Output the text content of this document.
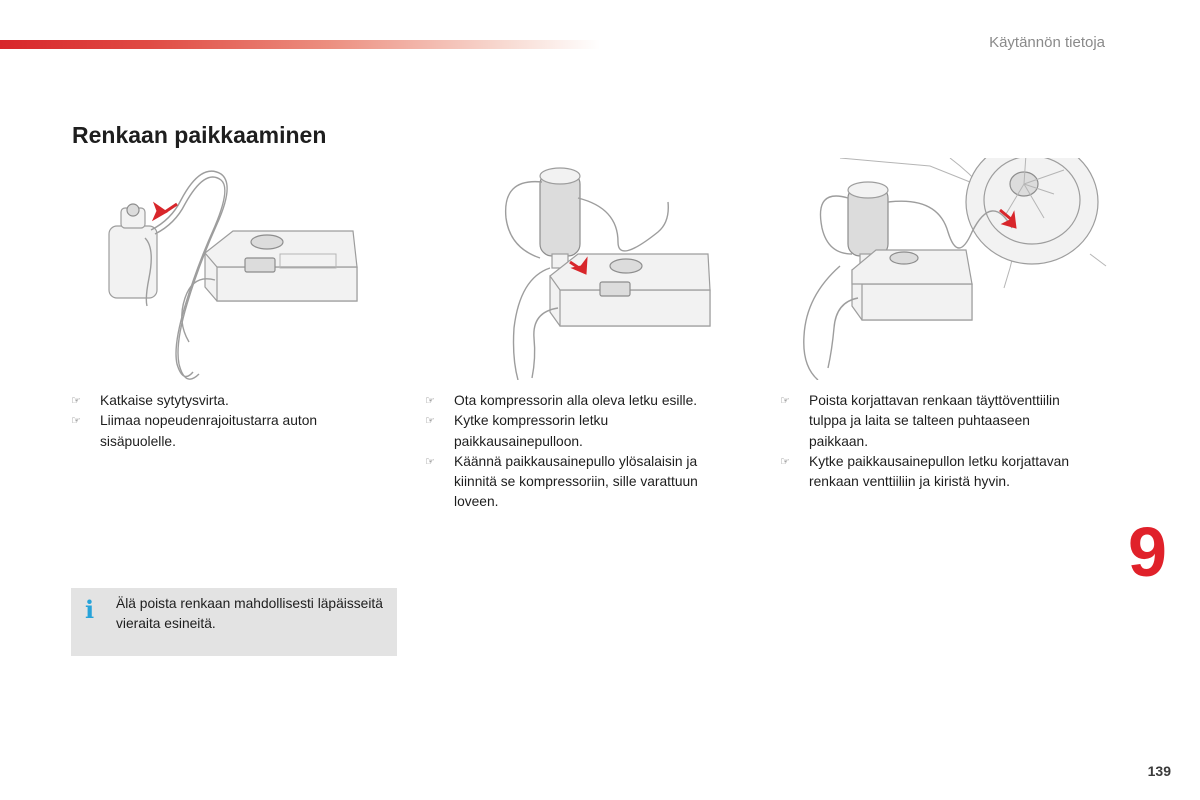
Käytännön tietoja
Renkaan paikkaaminen
☞ Katkaise sytytysvirta.
☞ Liimaa nopeudenrajoitustarra auton sisäpuolelle.
☞ Ota kompressorin alla oleva letku esille.
☞ Kytke kompressorin letku paikkausainepulloon.
☞ Käännä paikkausainepullo ylösalaisin ja kiinnitä se kompressoriin, sille varattuun loveen.
☞ Poista korjattavan renkaan täyttöventtiilin tulppa ja laita se talteen puhtaaseen paikkaan.
☞ Kytke paikkausainepullon letku korjattavan renkaan venttiiliin ja kiristä hyvin.
i Älä poista renkaan mahdollisesti läpäisseitä vieraita esineitä.
9
139
